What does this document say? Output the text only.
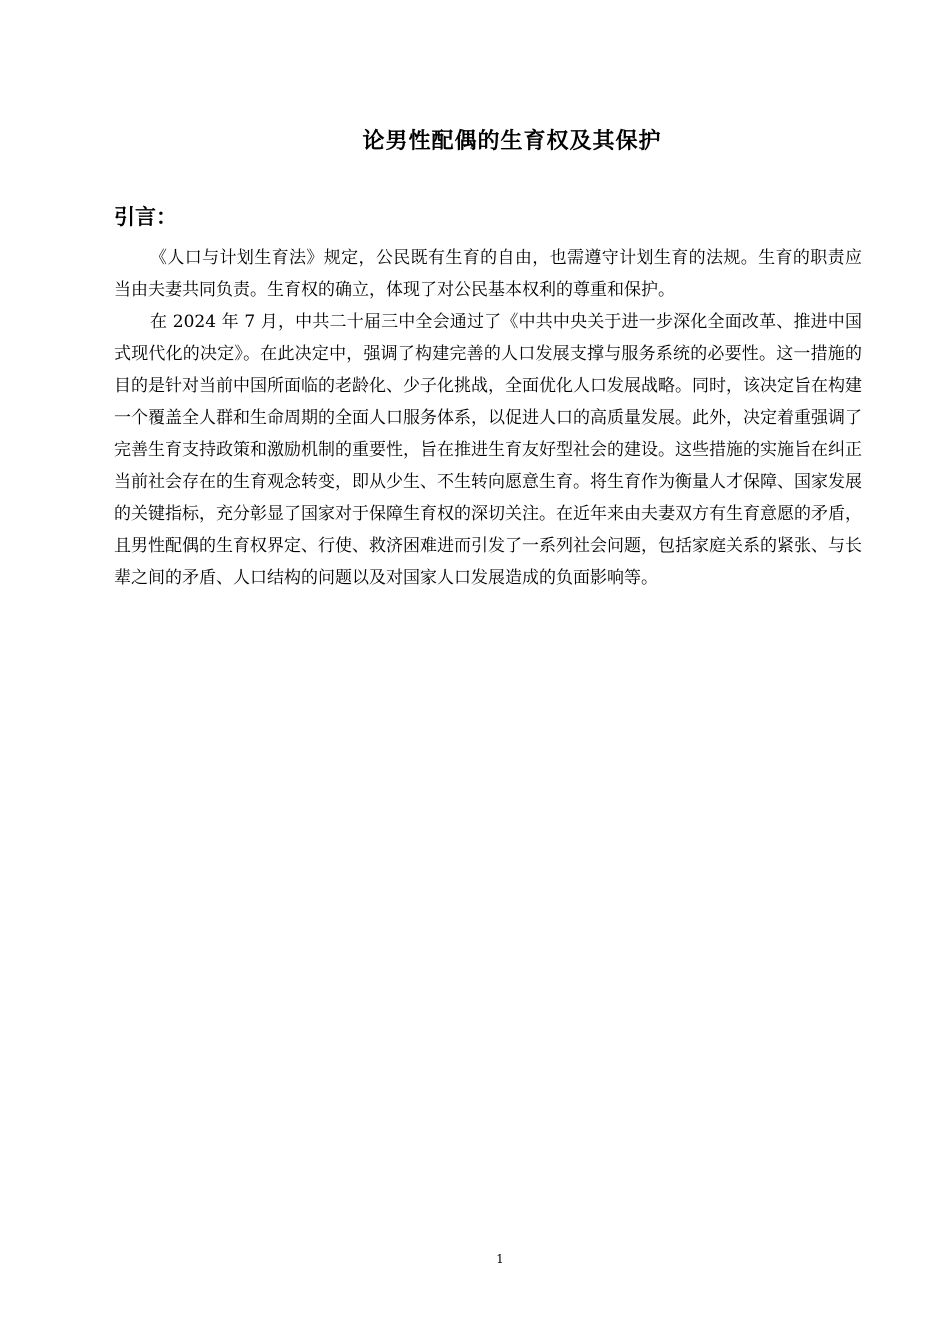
论男性配偶的生育权及其保护
引言：

《人口与计划生育法》规定，公民既有生育的自由，也需遵守计划生育的法规。生育的职责应当由夫妻共同负责。生育权的确立，体现了对公民基本权利的尊重和保护。

在 2024 年 7 月，中共二十届三中全会通过了《中共中央关于进一步深化全面改革、推进中国式现代化的决定》。在此决定中，强调了构建完善的人口发展支撑与服务系统的必要性。这一措施的目的是针对当前中国所面临的老龄化、少子化挑战，全面优化人口发展战略。同时，该决定旨在构建一个覆盖全人群和生命周期的全面人口服务体系，以促进人口的高质量发展。此外，决定着重强调了完善生育支持政策和激励机制的重要性，旨在推进生育友好型社会的建设。这些措施的实施旨在纠正当前社会存在的生育观念转变，即从少生、不生转向愿意生育。将生育作为衡量人才保障、国家发展的关键指标，充分彰显了国家对于保障生育权的深切关注。在近年来由夫妻双方有生育意愿的矛盾，且男性配偶的生育权界定、行使、救济困难进而引发了一系列社会问题，包括家庭关系的紧张、与长辈之间的矛盾、人口结构的问题以及对国家人口发展造成的负面影响等。

1
